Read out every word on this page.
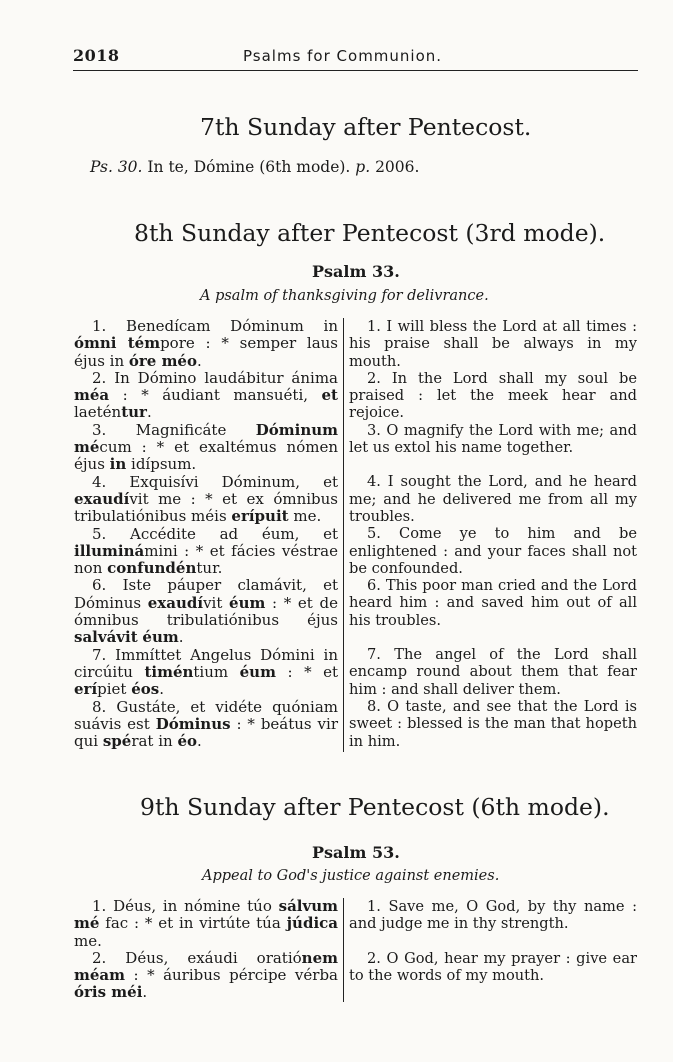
2018	Psalms for Communion.
7th Sunday after Pentecost.
Ps. 30. In te, Dómine (6th mode). p. 2006.
8th Sunday after Pentecost (3rd mode).
Psalm 33.
A psalm of thanksgiving for delivrance.

1. Benedícam Dóminum in ómni témpore : * semper laus éjus in óre méo.

2. In Dómino laudábitur ánima méa : * áudiant mansuéti, et laeténtur.

3. Magnificáte Dóminum mécum : * et exaltémus nómen éjus in idípsum.

4. Exquisívi Dóminum, et exaudívit me : * et ex ómnibus tribulatiónibus méis erípuit me.

5. Accédite ad éum, et illuminámini : * et fácies véstrae non confundéntur.

6. Iste páuper clamávit, et Dóminus exaudívit éum : * et de ómnibus tribulatiónibus éjus salvávit éum.

7. Immíttet Angelus Dómini in circúitu timéntium éum : * et erípiet éos.

8. Gustáte, et vidéte quóniam suávis est Dóminus : * beátus vir qui spérat in éo.

1. I will bless the Lord at all times : his praise shall be always in my mouth.

2. In the Lord shall my soul be praised : let the meek hear and rejoice.

3. O magnify the Lord with me; and let us extol his name together.

4. I sought the Lord, and he heard me; and he delivered me from all my troubles.

5. Come ye to him and be enlightened : and your faces shall not be confounded.

6. This poor man cried and the Lord heard him : and saved him out of all his troubles.

7. The angel of the Lord shall encamp round about them that fear him : and shall deliver them.

8. O taste, and see that the Lord is sweet : blessed is the man that hopeth in him.

9th Sunday after Pentecost (6th mode).
Psalm 53.
Appeal to God's justice against enemies.

1. Déus, in nómine túo sálvum mé fac : * et in virtúte túa júdica me.

2. Déus, exáudi oratiónem méam : * áuribus pércipe vérba óris méi.

1. Save me, O God, by thy name : and judge me in thy strength.

2. O God, hear my prayer : give ear to the words of my mouth.
